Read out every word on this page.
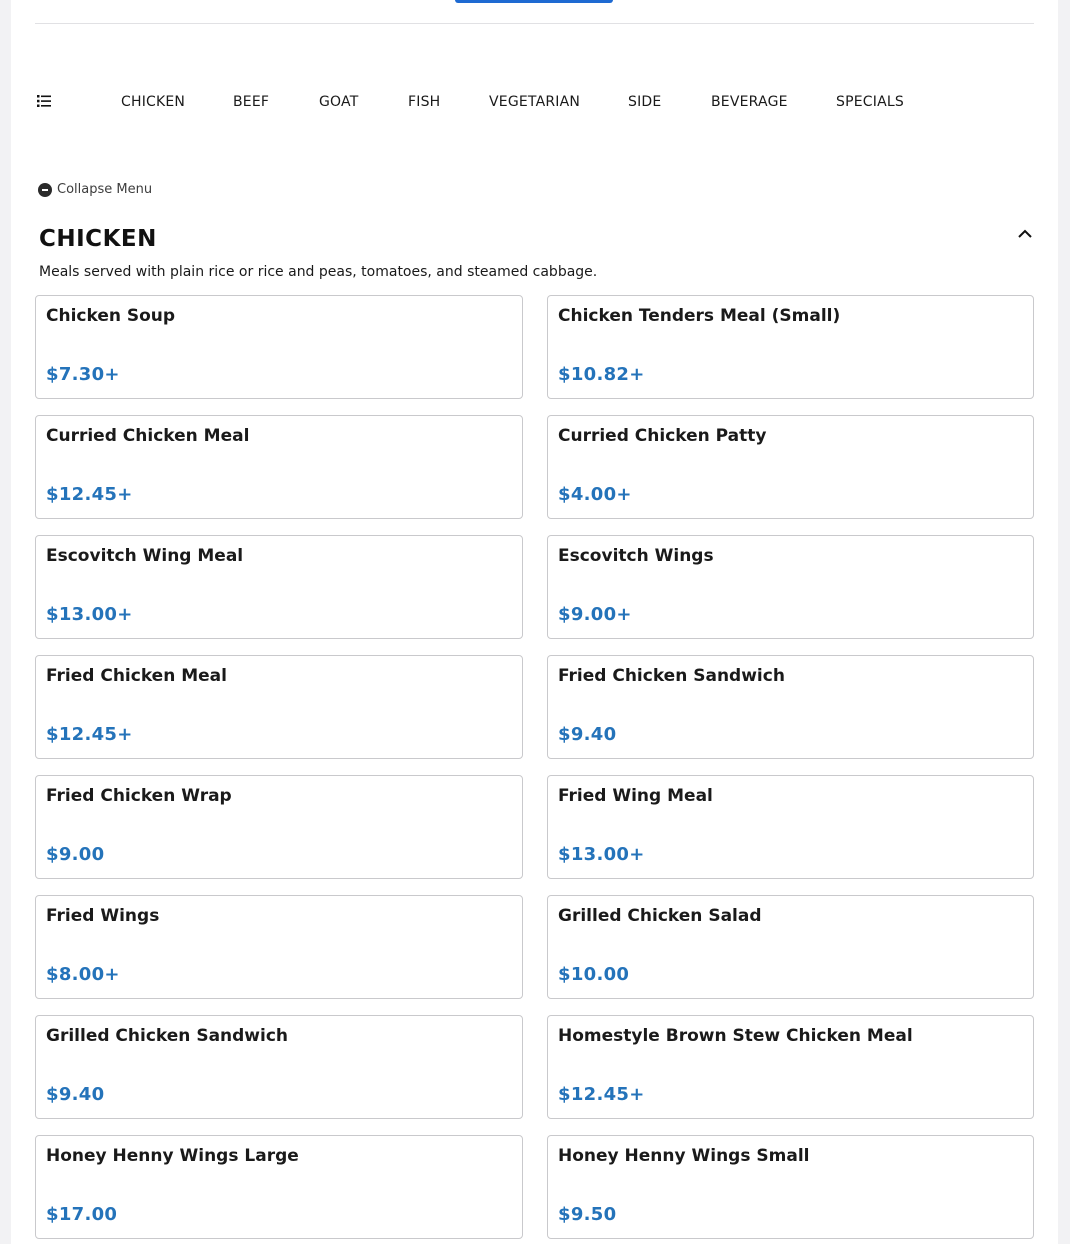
CHICKEN	BEEF	GOAT	FISH	VEGETARIAN	SIDE	BEVERAGE	SPECIALS
Collapse Menu
CHICKEN
Meals served with plain rice or rice and peas, tomatoes, and steamed cabbage.
Chicken Soup
$7.30+
Chicken Tenders Meal (Small)
$10.82+
Curried Chicken Meal
$12.45+
Curried Chicken Patty
$4.00+
Escovitch Wing Meal
$13.00+
Escovitch Wings
$9.00+
Fried Chicken Meal
$12.45+
Fried Chicken Sandwich
$9.40
Fried Chicken Wrap
$9.00
Fried Wing Meal
$13.00+
Fried Wings
$8.00+
Grilled Chicken Salad
$10.00
Grilled Chicken Sandwich
$9.40
Homestyle Brown Stew Chicken Meal
$12.45+
Honey Henny Wings Large
$17.00
Honey Henny Wings Small
$9.50
